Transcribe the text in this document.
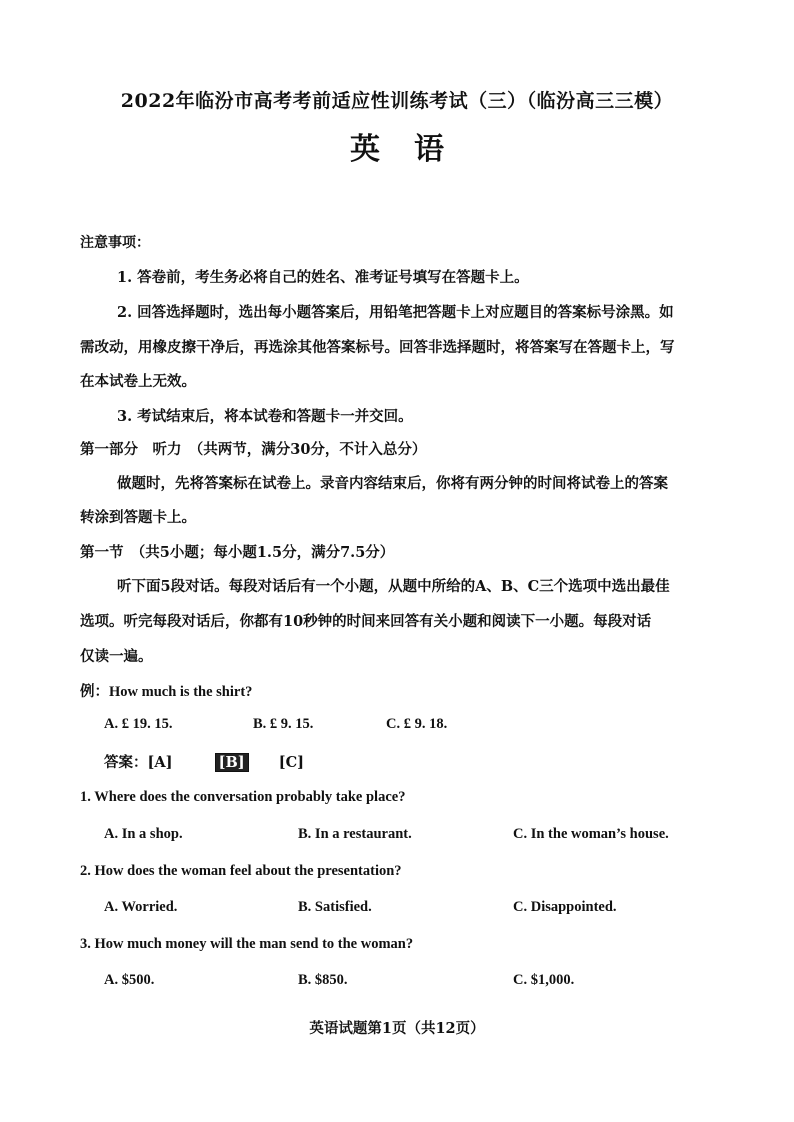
2022年临汾市高考考前适应性训练考试（三）（临汾高三三模）
英语
注意事项：
1. 答卷前，考生务必将自己的姓名、准考证号填写在答题卡上。
2. 回答选择题时，选出每小题答案后，用铅笔把答题卡上对应题目的答案标号涂黑。如
需改动，用橡皮擦干净后，再选涂其他答案标号。回答非选择题时，将答案写在答题卡上，写
在本试卷上无效。
3. 考试结束后，将本试卷和答题卡一并交回。
第一部分　听力　（共两节，满分30分，不计入总分）
做题时，先将答案标在试卷上。录音内容结束后，你将有两分钟的时间将试卷上的答案
转涂到答题卡上。
第一节　（共5小题；每小题1.5分，满分7.5分）
听下面5段对话。每段对话后有一个小题，从题中所给的A、B、C三个选项中选出最佳
选项。听完每段对话后，你都有10秒钟的时间来回答有关小题和阅读下一小题。每段对话
仅读一遍。
例：How much is the shirt?
A. £ 19. 15.	B. £ 9. 15.	C. £ 9. 18.
答案：[A]	[B] [C]
1. Where does the conversation probably take place?
A. In a shop.	B. In a restaurant.	C. In the woman’s house.
2. How does the woman feel about the presentation?
A. Worried.	B. Satisfied.	C. Disappointed.
3. How much money will the man send to the woman?
A. $500.	B. $850.	C. $1,000.
英语试题第1页（共12页）
